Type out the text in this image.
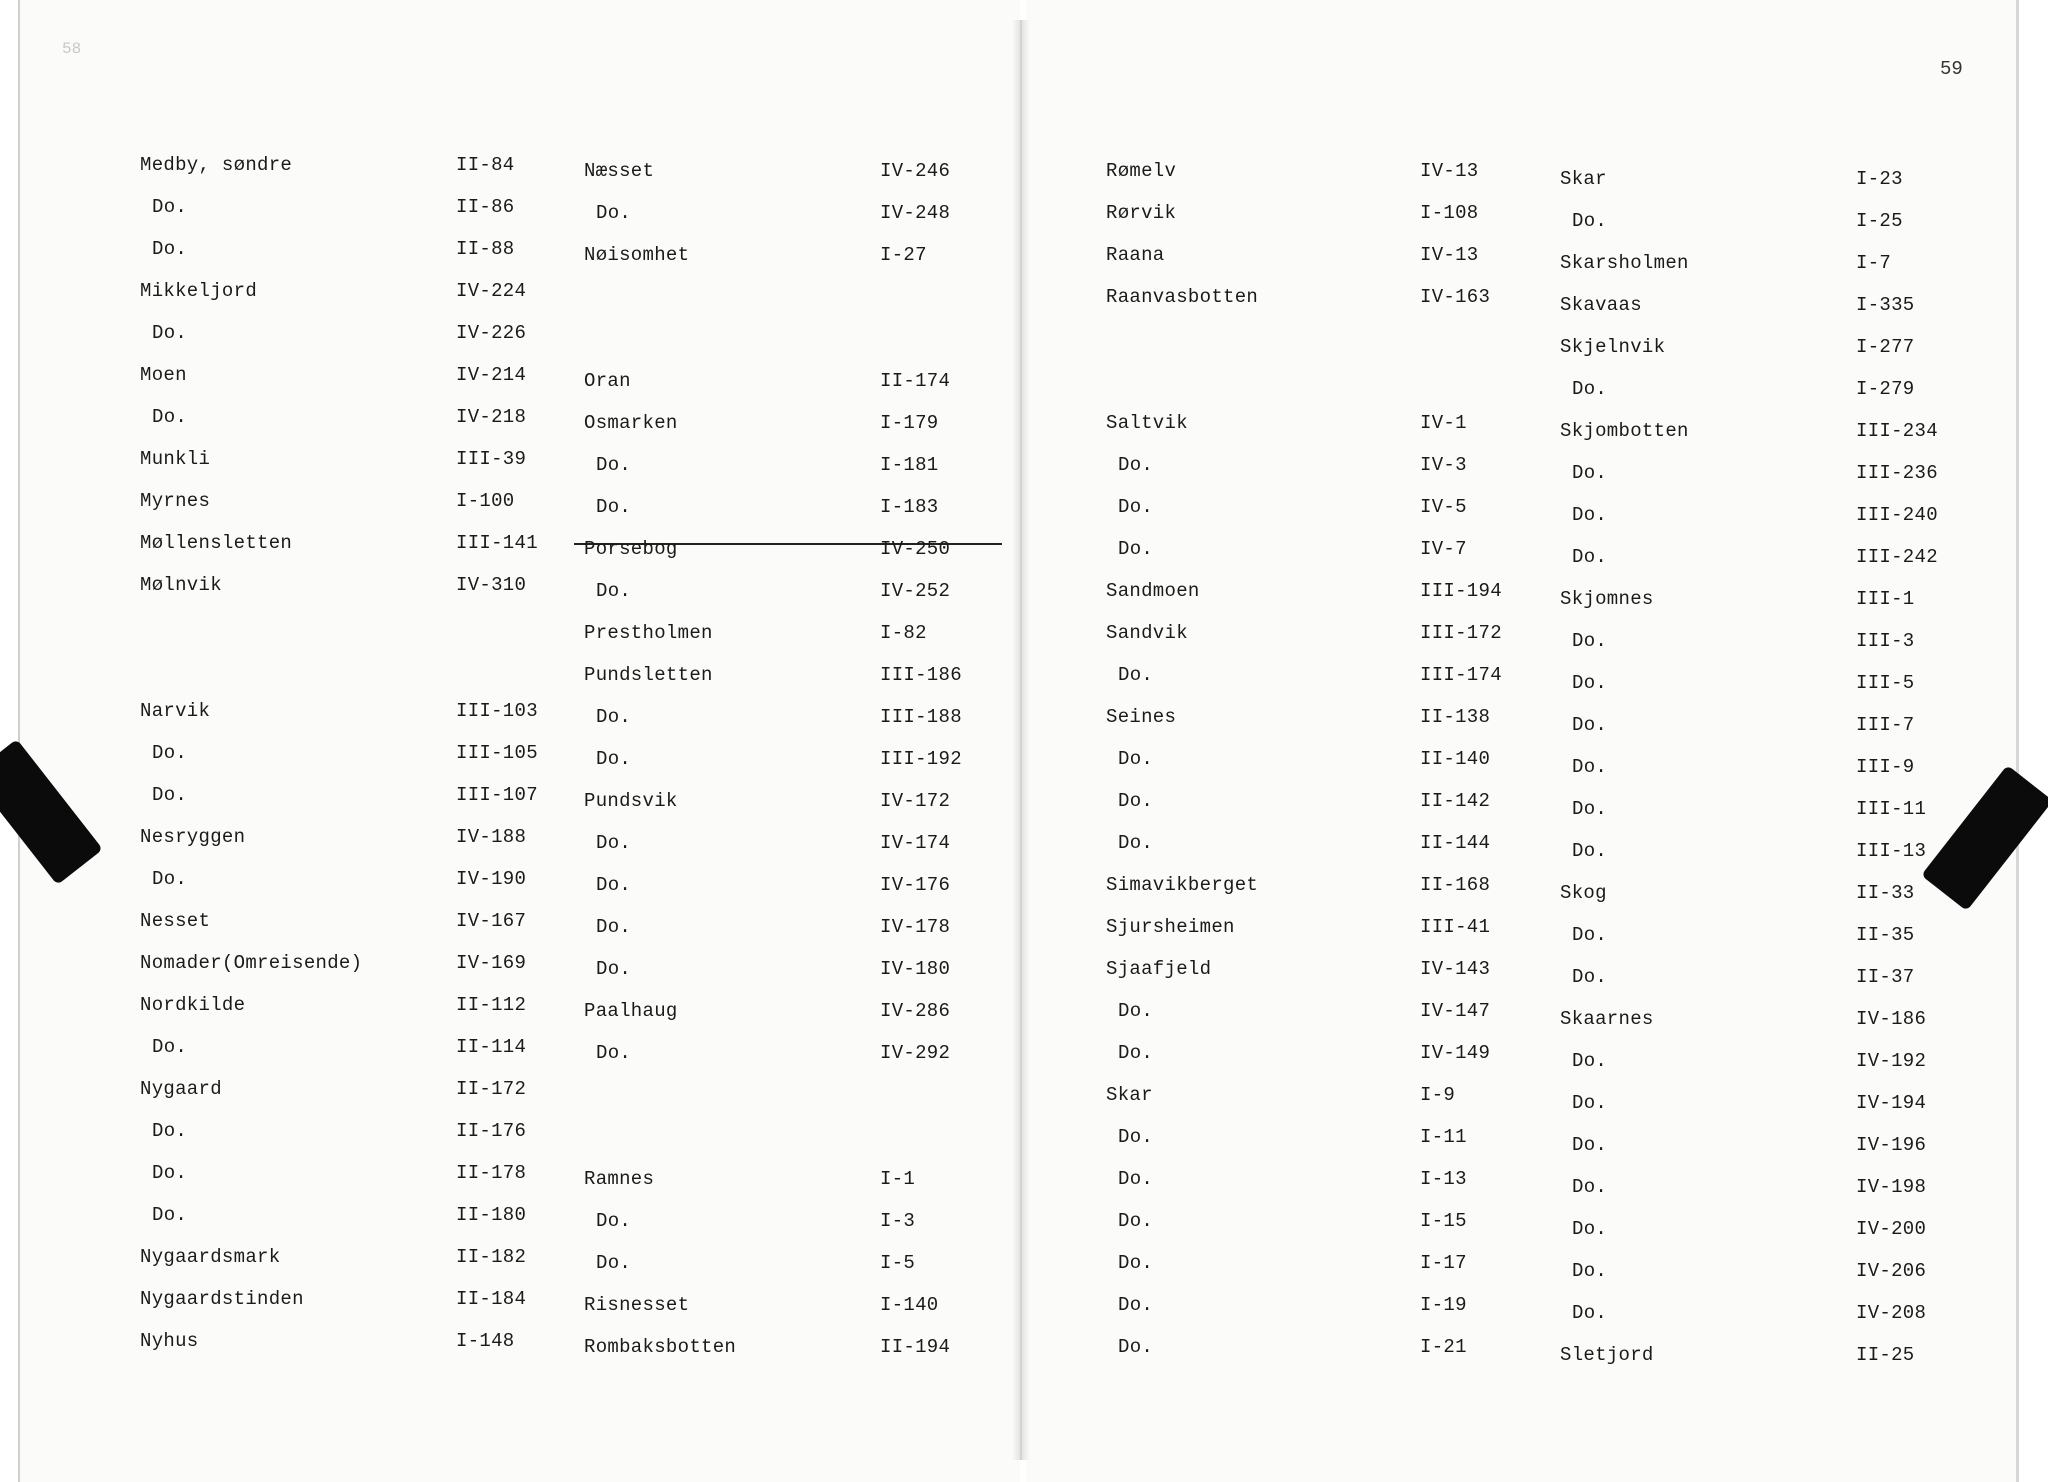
58
59
Medby, søndre	II-84
Do.	II-86
Do.	II-88
Mikkeljord	IV-224
Do.	IV-226
Moen	IV-214
Do.	IV-218
Munkli	III-39
Myrnes	I-100
Møllensletten	III-141
Mølnvik	IV-310
Narvik	III-103
Do.	III-105
Do.	III-107
Nesryggen	IV-188
Do.	IV-190
Nesset	IV-167
Nomader(Omreisende)	IV-169
Nordkilde	II-112
Do.	II-114
Nygaard	II-172
Do.	II-176
Do.	II-178
Do.	II-180
Nygaardsmark	II-182
Nygaardstinden	II-184
Nyhus	I-148
Næsset	IV-246
Do.	IV-248
Nøisomhet	I-27
Oran	II-174
Osmarken	I-179
Do.	I-181
Do.	I-183
Porsebog	IV-250
Do.	IV-252
Prestholmen	I-82
Pundsletten	III-186
Do.	III-188
Do.	III-192
Pundsvik	IV-172
Do.	IV-174
Do.	IV-176
Do.	IV-178
Do.	IV-180
Paalhaug	IV-286
Do.	IV-292
Ramnes	I-1
Do.	I-3
Do.	I-5
Risnesset	I-140
Rombaksbotten	II-194
Rømelv	IV-13
Rørvik	I-108
Raana	IV-13
Raanvasbotten	IV-163
Saltvik	IV-1
Do.	IV-3
Do.	IV-5
Do.	IV-7
Sandmoen	III-194
Sandvik	III-172
Do.	III-174
Seines	II-138
Do.	II-140
Do.	II-142
Do.	II-144
Simavikberget	II-168
Sjursheimen	III-41
Sjaafjeld	IV-143
Do.	IV-147
Do.	IV-149
Skar	I-9
Do.	I-11
Do.	I-13
Do.	I-15
Do.	I-17
Do.	I-19
Do.	I-21
Skar	I-23
Do.	I-25
Skarsholmen	I-7
Skavaas	I-335
Skjelnvik	I-277
Do.	I-279
Skjombotten	III-234
Do.	III-236
Do.	III-240
Do.	III-242
Skjomnes	III-1
Do.	III-3
Do.	III-5
Do.	III-7
Do.	III-9
Do.	III-11
Do.	III-13
Skog	II-33
Do.	II-35
Do.	II-37
Skaarnes	IV-186
Do.	IV-192
Do.	IV-194
Do.	IV-196
Do.	IV-198
Do.	IV-200
Do.	IV-206
Do.	IV-208
Sletjord	II-25
